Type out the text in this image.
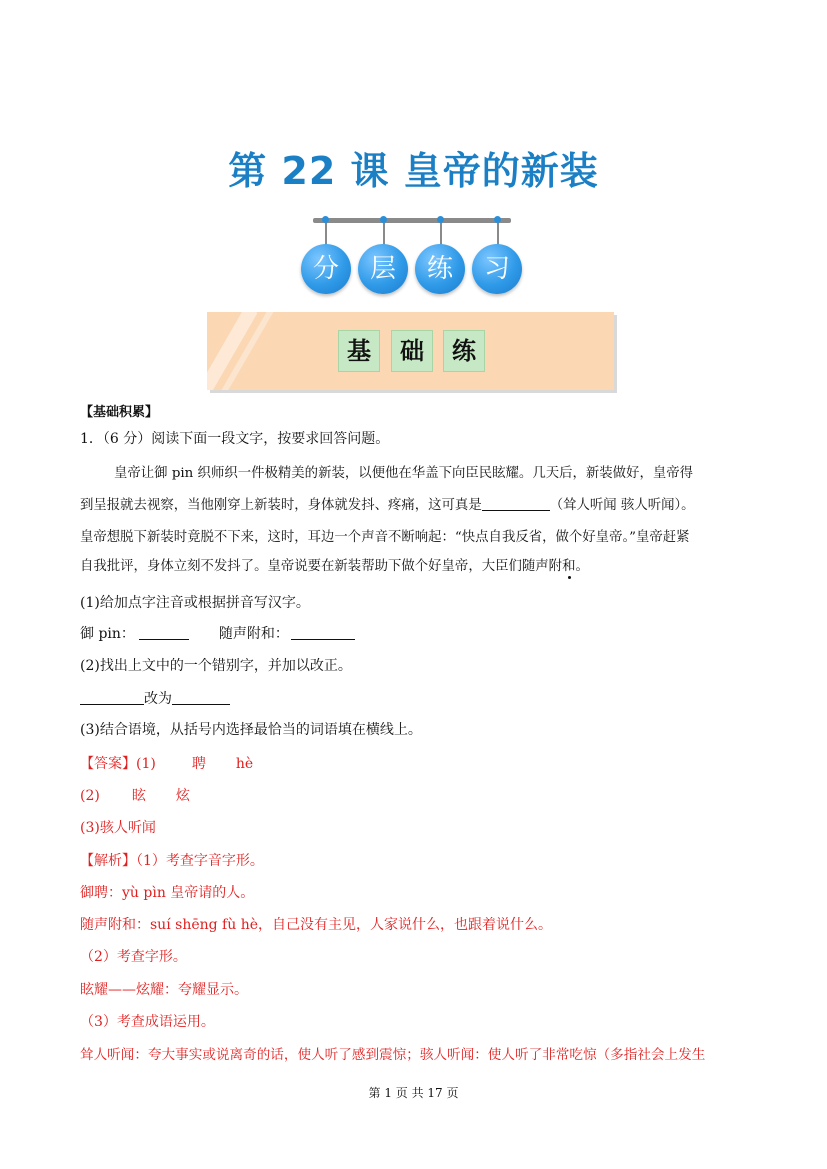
第 22 课 皇帝的新装
分	层	练	习
基	础	练
【基础积累】
1．（6 分）阅读下面一段文字，按要求回答问题。
皇帝让御 pin 织师织一件极精美的新装，以便他在华盖下向臣民眩耀。几天后，新装做好，皇帝得
到呈报就去视察，当他刚穿上新装时，身体就发抖、疼痛，这可真是	（耸人听闻 骇人听闻）。
皇帝想脱下新装时竟脱不下来，这时，耳边一个声音不断响起：“快点自我反省，做个好皇帝。”皇帝赶紧
自我批评，身体立刻不发抖了。皇帝说要在新装帮助下做个好皇帝，大臣们随声附和。
(1)给加点字注音或根据拼音写汉字。
御 pin：	随声附和：
(2)找出上文中的一个错别字，并加以改正。
改为
(3)结合语境，从括号内选择最恰当的词语填在横线上。
【答案】(1)	聘 hè
(2) 眩 炫
(3)骇人听闻
【解析】（1）考查字音字形。
御聘：yù pìn 皇帝请的人。
随声附和：suí shēng fù hè，自己没有主见，人家说什么，也跟着说什么。
（2）考查字形。
眩耀——炫耀：夸耀显示。
（3）考查成语运用。
耸人听闻：夸大事实或说离奇的话，使人听了感到震惊；骇人听闻：使人听了非常吃惊（多指社会上发生
第 1 页 共 17 页
